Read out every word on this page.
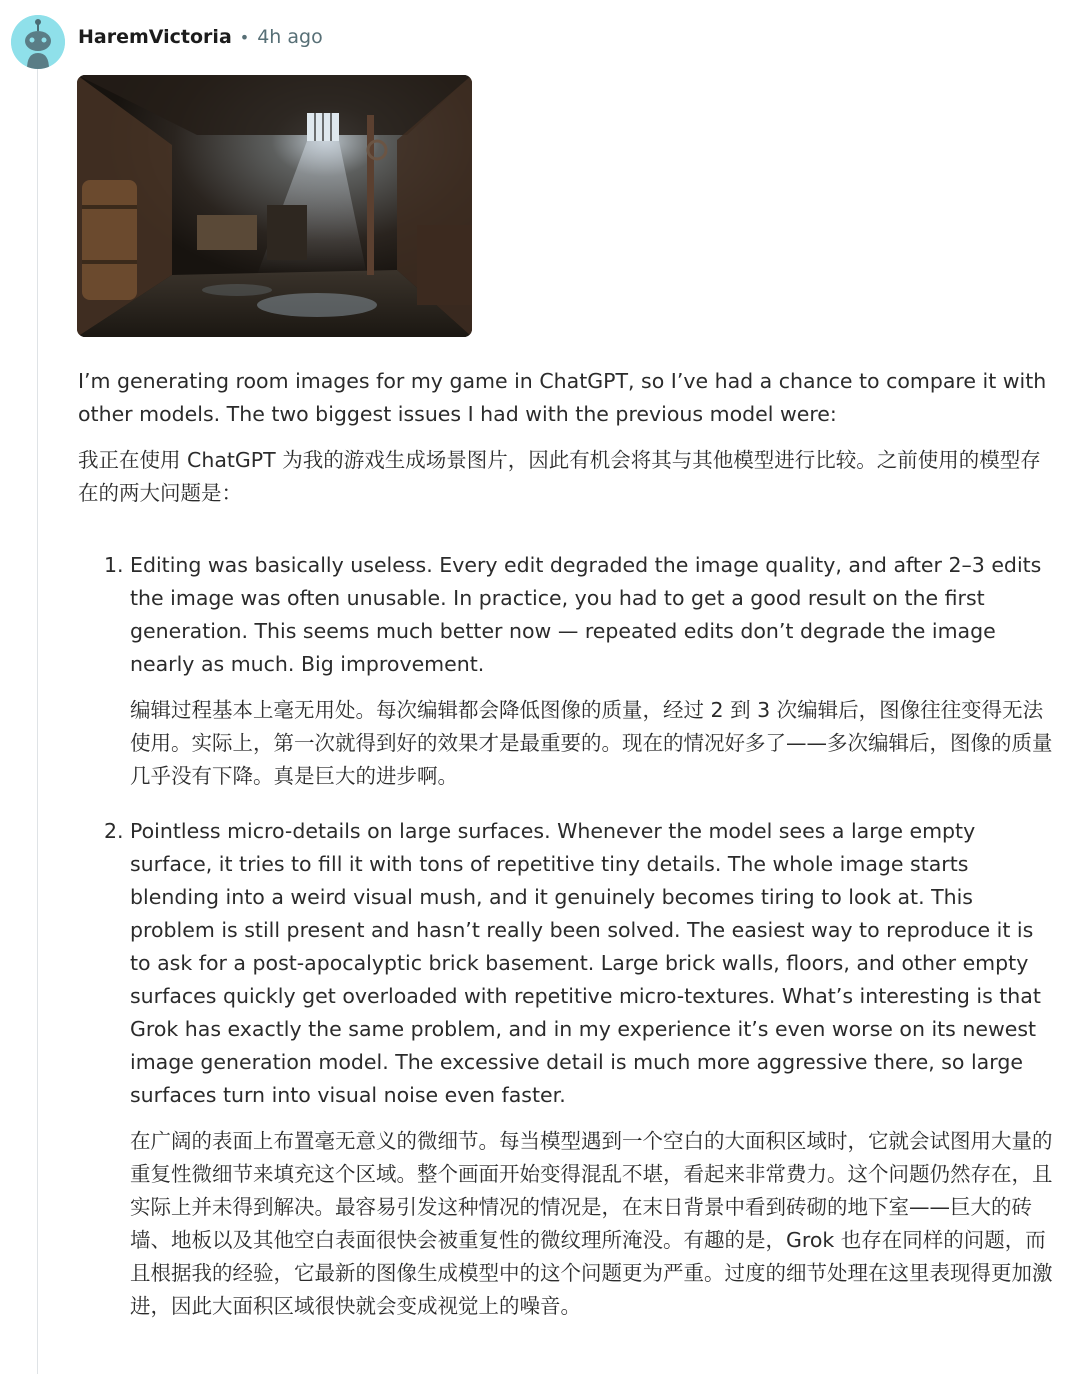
HaremVictoria • 4h ago

I’m generating room images for my game in ChatGPT, so I’ve had a chance to compare it with other models. The two biggest issues I had with the previous model were:

我正在使用 ChatGPT 为我的游戏生成场景图片，因此有机会将其与其他模型进行比较。之前使用的模型存在的两大问题是：

1. Editing was basically useless. Every edit degraded the image quality, and after 2–3 edits the image was often unusable. In practice, you had to get a good result on the first generation. This seems much better now — repeated edits don’t degrade the image nearly as much. Big improvement.

编辑过程基本上毫无用处。每次编辑都会降低图像的质量，经过 2 到 3 次编辑后，图像往往变得无法使用。实际上，第一次就得到好的效果才是最重要的。现在的情况好多了——多次编辑后，图像的质量几乎没有下降。真是巨大的进步啊。

2. Pointless micro-details on large surfaces. Whenever the model sees a large empty surface, it tries to fill it with tons of repetitive tiny details. The whole image starts blending into a weird visual mush, and it genuinely becomes tiring to look at. This problem is still present and hasn’t really been solved. The easiest way to reproduce it is to ask for a post-apocalyptic brick basement. Large brick walls, floors, and other empty surfaces quickly get overloaded with repetitive micro-textures. What’s interesting is that Grok has exactly the same problem, and in my experience it’s even worse on its newest image generation model. The excessive detail is much more aggressive there, so large surfaces turn into visual noise even faster.

在广阔的表面上布置毫无意义的微细节。每当模型遇到一个空白的大面积区域时，它就会试图用大量的重复性微细节来填充这个区域。整个画面开始变得混乱不堪，看起来非常费力。这个问题仍然存在，且实际上并未得到解决。最容易引发这种情况的情况是，在末日背景中看到砖砌的地下室——巨大的砖墙、地板以及其他空白表面很快会被重复性的微纹理所淹没。有趣的是，Grok 也存在同样的问题，而且根据我的经验，它最新的图像生成模型中的这个问题更为严重。过度的细节处理在这里表现得更加激进，因此大面积区域很快就会变成视觉上的噪音。
